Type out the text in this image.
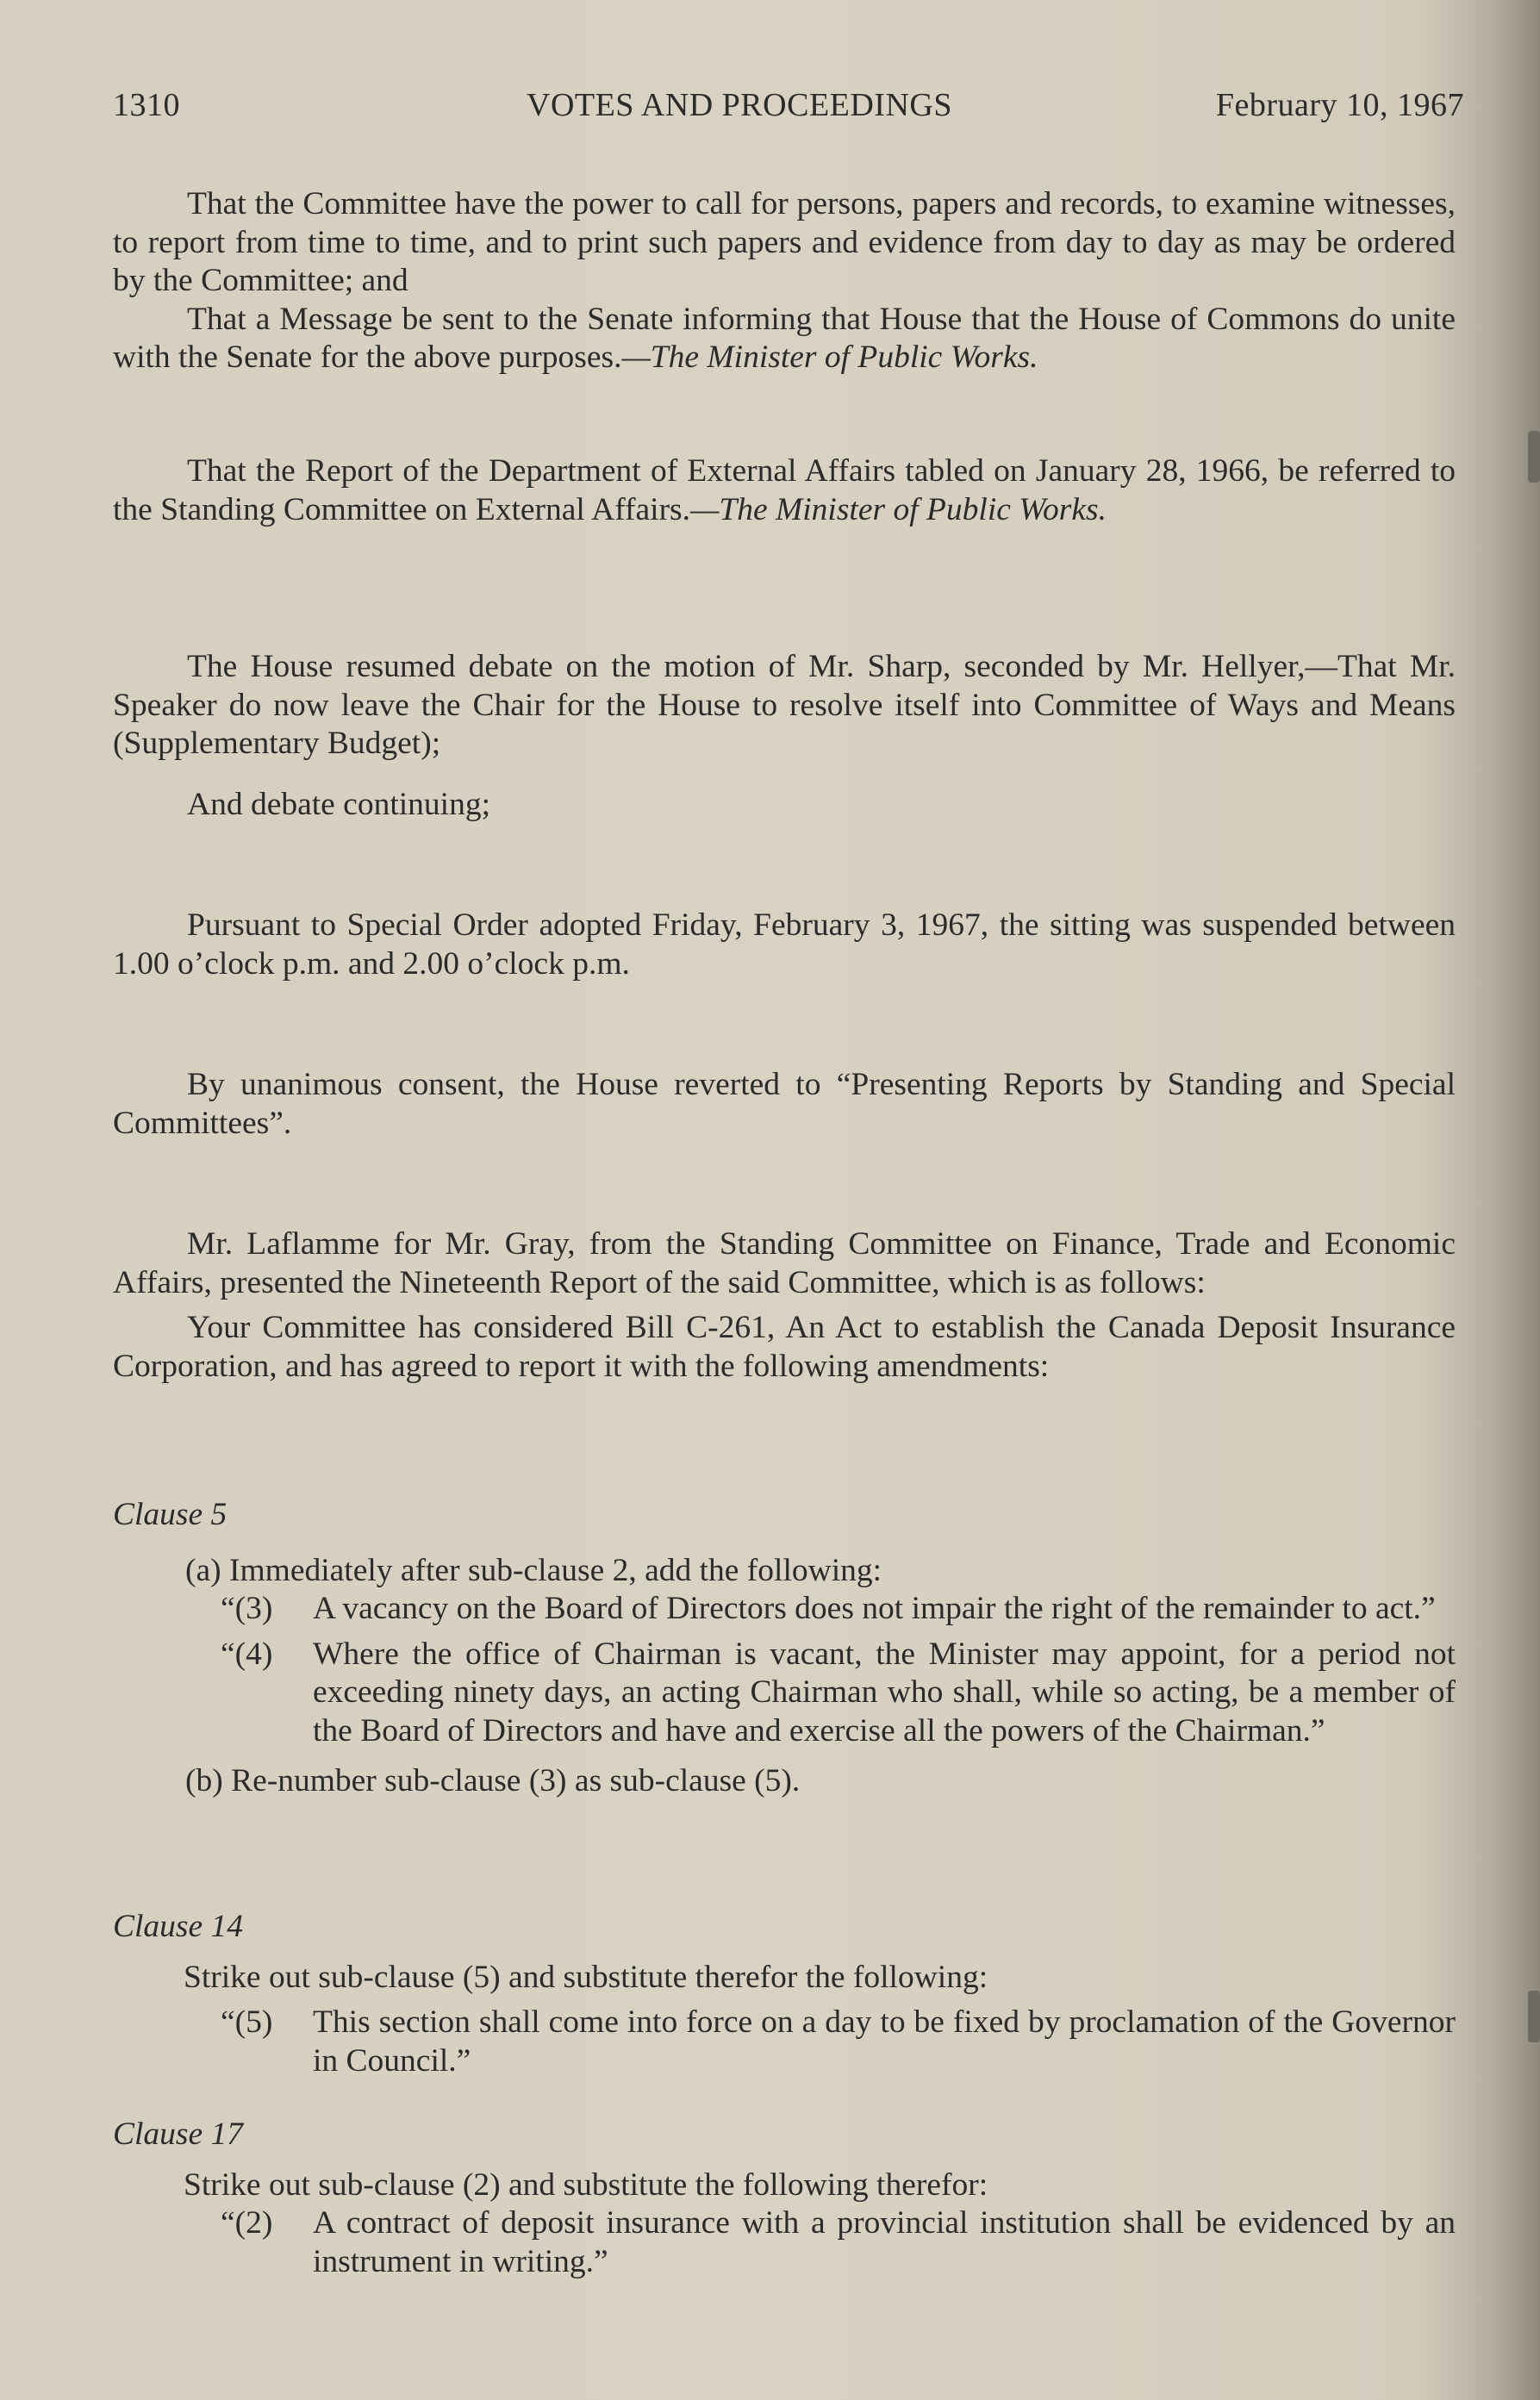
1310	VOTES AND PROCEEDINGS	February 10, 1967

That the Committee have the power to call for persons, papers and records, to examine witnesses, to report from time to time, and to print such papers and evidence from day to day as may be ordered by the Committee; and

That a Message be sent to the Senate informing that House that the House of Commons do unite with the Senate for the above purposes.—The Minister of Public Works.

That the Report of the Department of External Affairs tabled on January 28, 1966, be referred to the Standing Committee on External Affairs.—The Minister of Public Works.

The House resumed debate on the motion of Mr. Sharp, seconded by Mr. Hellyer,—That Mr. Speaker do now leave the Chair for the House to resolve itself into Committee of Ways and Means (Supplementary Budget);

And debate continuing;

Pursuant to Special Order adopted Friday, February 3, 1967, the sitting was suspended between 1.00 o’clock p.m. and 2.00 o’clock p.m.

By unanimous consent, the House reverted to “Presenting Reports by Standing and Special Committees”.

Mr. Laflamme for Mr. Gray, from the Standing Committee on Finance, Trade and Economic Affairs, presented the Nineteenth Report of the said Committee, which is as follows:

Your Committee has considered Bill C-261, An Act to establish the Canada Deposit Insurance Corporation, and has agreed to report it with the following amendments:

Clause 5

(a) Immediately after sub-clause 2, add the following:

“(3) A vacancy on the Board of Directors does not impair the right of the remainder to act.”

“(4) Where the office of Chairman is vacant, the Minister may appoint, for a period not exceeding ninety days, an acting Chairman who shall, while so acting, be a member of the Board of Directors and have and exercise all the powers of the Chairman.”

(b) Re-number sub-clause (3) as sub-clause (5).

Clause 14

Strike out sub-clause (5) and substitute therefor the following:

“(5) This section shall come into force on a day to be fixed by proclamation of the Governor in Council.”

Clause 17

Strike out sub-clause (2) and substitute the following therefor:

“(2) A contract of deposit insurance with a provincial institution shall be evidenced by an instrument in writing.”
